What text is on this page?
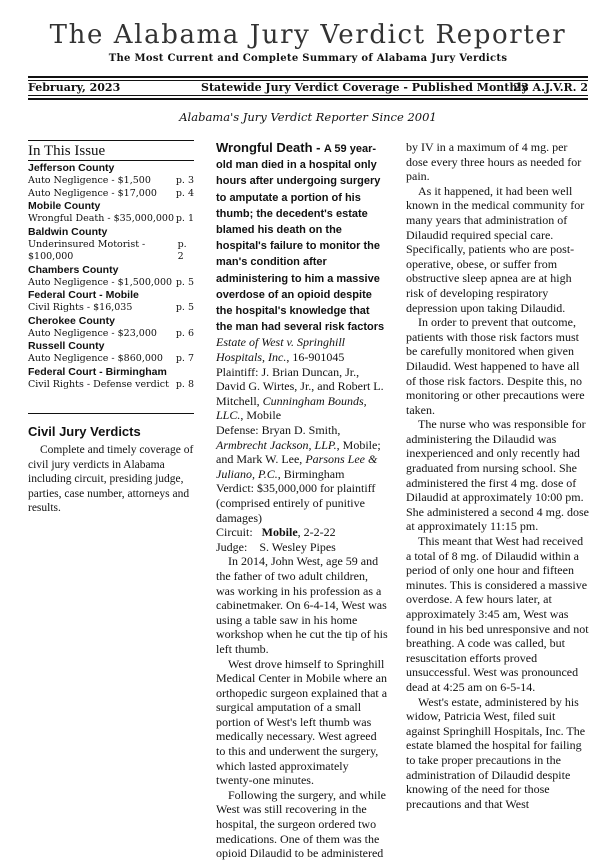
The Alabama Jury Verdict Reporter
The Most Current and Complete Summary of Alabama Jury Verdicts
February, 2023	Statewide Jury Verdict Coverage - Published Monthly
23 A.J.V.R. 2
Alabama's Jury Verdict Reporter Since 2001
In This Issue
Jefferson County
Auto Negligence - $1,500	p. 3
Auto Negligence - $17,000 p. 4
Mobile County
Wrongful Death - $35,000,000 p. 1
Baldwin County
Underinsured Motorist - $100,000
p. 2
Chambers County
Auto Negligence - $1,500,000 p. 5
Federal Court - Mobile
Civil Rights - $16,035	p. 5
Cherokee County
Auto Negligence - $23,000 p. 6
Russell County
Auto Negligence - $860,000 p. 7
Federal Court - Birmingham
Civil Rights - Defense verdict p. 8
Civil Jury Verdicts
Complete and timely coverage of civil jury verdicts in Alabama including circuit, presiding judge, parties, case number, attorneys and results.
Wrongful Death - A 59 year-old man died in a hospital only hours after undergoing surgery to amputate a portion of his thumb; the decedent's estate blamed his death on the hospital's failure to monitor the man's condition after administering to him a massive overdose of an opioid despite the hospital's knowledge that the man had several risk factors
Estate of West v. Springhill Hospitals, Inc., 16-901045
Plaintiff: J. Brian Duncan, Jr., David G. Wirtes, Jr., and Robert L. Mitchell, Cunningham Bounds, LLC., Mobile
Defense: Bryan D. Smith, Armbrecht Jackson, LLP., Mobile; and Mark W. Lee, Parsons Lee & Juliano, P.C., Birmingham
Verdict: $35,000,000 for plaintiff (comprised entirely of punitive damages)
Circuit: Mobile, 2-2-22
Judge: S. Wesley Pipes

In 2014, John West, age 59 and the father of two adult children, was working in his profession as a cabinetmaker. On 6-4-14, West was using a table saw in his home workshop when he cut the tip of his left thumb.

West drove himself to Springhill Medical Center in Mobile where an orthopedic surgeon explained that a surgical amputation of a small portion of West's left thumb was medically necessary. West agreed to this and underwent the surgery, which lasted approximately twenty-one minutes.

Following the surgery, and while West was still recovering in the hospital, the surgeon ordered two medications. One of them was the opioid Dilaudid to be administered

by IV in a maximum of 4 mg. per dose every three hours as needed for pain.

As it happened, it had been well known in the medical community for many years that administration of Dilaudid required special care. Specifically, patients who are post-operative, obese, or suffer from obstructive sleep apnea are at high risk of developing respiratory depression upon taking Dilaudid.

In order to prevent that outcome, patients with those risk factors must be carefully monitored when given Dilaudid. West happened to have all of those risk factors. Despite this, no monitoring or other precautions were taken.

The nurse who was responsible for administering the Dilaudid was inexperienced and only recently had graduated from nursing school. She administered the first 4 mg. dose of Dilaudid at approximately 10:00 pm. She administered a second 4 mg. dose at approximately 11:15 pm.

This meant that West had received a total of 8 mg. of Dilaudid within a period of only one hour and fifteen minutes. This is considered a massive overdose. A few hours later, at approximately 3:45 am, West was found in his bed unresponsive and not breathing. A code was called, but resuscitation efforts proved unsuccessful. West was pronounced dead at 4:25 am on 6-5-14.

West's estate, administered by his widow, Patricia West, filed suit against Springhill Hospitals, Inc. The estate blamed the hospital for failing to take proper precautions in the administration of Dilaudid despite knowing of the need for those precautions and that West
